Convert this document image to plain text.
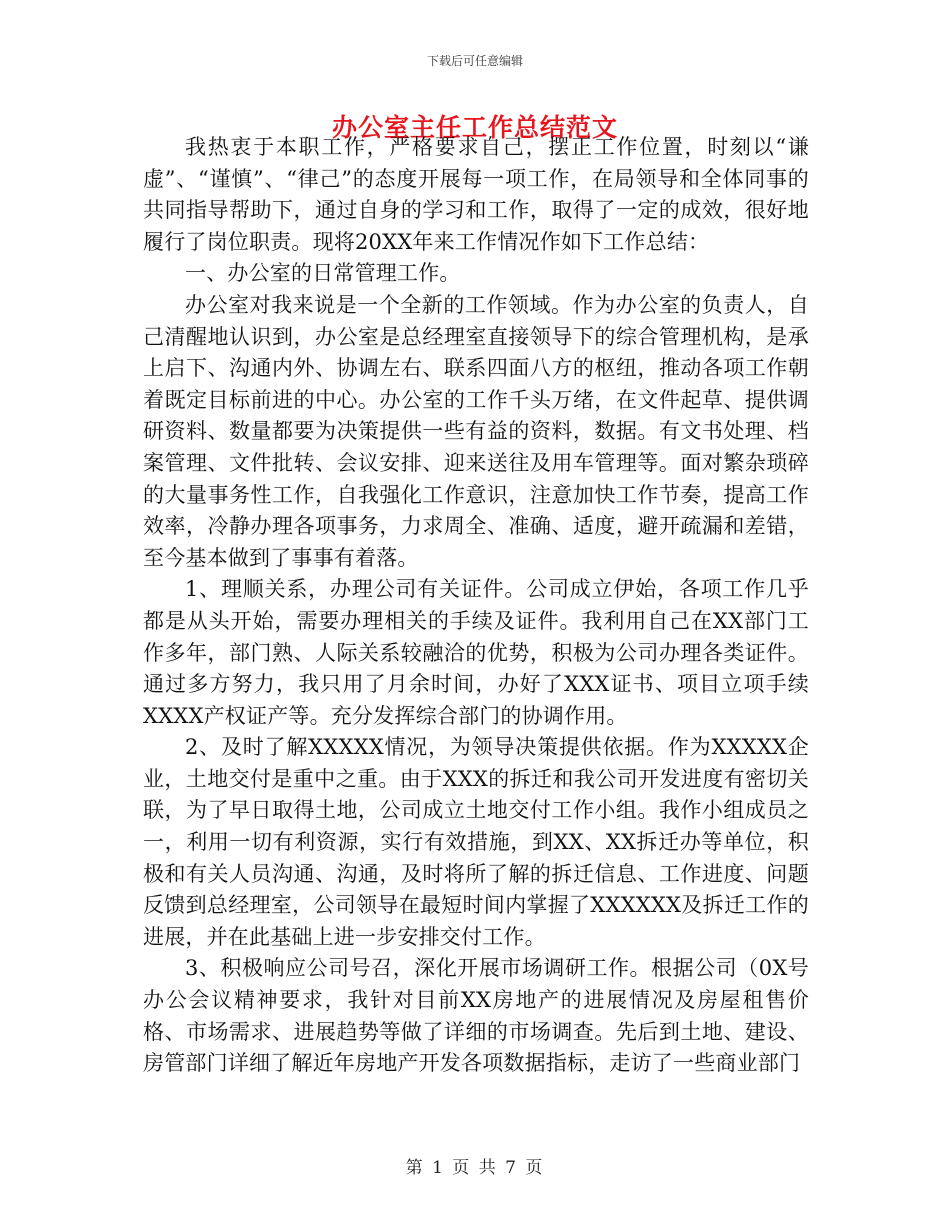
下载后可任意编辑
办公室主任工作总结范文

我热衷于本职工作，严格要求自己，摆正工作位置，时刻以“谦虚”、“谨慎”、“律己”的态度开展每一项工作，在局领导和全体同事的共同指导帮助下，通过自身的学习和工作，取得了一定的成效，很好地履行了岗位职责。现将20XX年来工作情况作如下工作总结：

一、办公室的日常管理工作。

办公室对我来说是一个全新的工作领域。作为办公室的负责人，自己清醒地认识到，办公室是总经理室直接领导下的综合管理机构，是承上启下、沟通内外、协调左右、联系四面八方的枢纽，推动各项工作朝着既定目标前进的中心。办公室的工作千头万绪，在文件起草、提供调研资料、数量都要为决策提供一些有益的资料，数据。有文书处理、档案管理、文件批转、会议安排、迎来送往及用车管理等。面对繁杂琐碎的大量事务性工作，自我强化工作意识，注意加快工作节奏，提高工作效率，冷静办理各项事务，力求周全、准确、适度，避开疏漏和差错，至今基本做到了事事有着落。

1、理顺关系，办理公司有关证件。公司成立伊始，各项工作几乎都是从头开始，需要办理相关的手续及证件。我利用自己在XX部门工作多年，部门熟、人际关系较融洽的优势，积极为公司办理各类证件。通过多方努力，我只用了月余时间，办好了XXX证书、项目立项手续XXXX产权证产等。充分发挥综合部门的协调作用。

2、及时了解XXXXX情况，为领导决策提供依据。作为XXXXX企业，土地交付是重中之重。由于XXX的拆迁和我公司开发进度有密切关联，为了早日取得土地，公司成立土地交付工作小组。我作小组成员之一，利用一切有利资源，实行有效措施，到XX、XX拆迁办等单位，积极和有关人员沟通、沟通，及时将所了解的拆迁信息、工作进度、问题反馈到总经理室，公司领导在最短时间内掌握了XXXXXX及拆迁工作的进展，并在此基础上进一步安排交付工作。

3、积极响应公司号召，深化开展市场调研工作。根据公司（0X号办公会议精神要求，我针对目前XX房地产的进展情况及房屋租售价格、市场需求、进展趋势等做了详细的市场调查。先后到土地、建设、房管部门详细了解近年房地产开发各项数据指标，走访了一些商业部门

第 1 页 共 7 页
